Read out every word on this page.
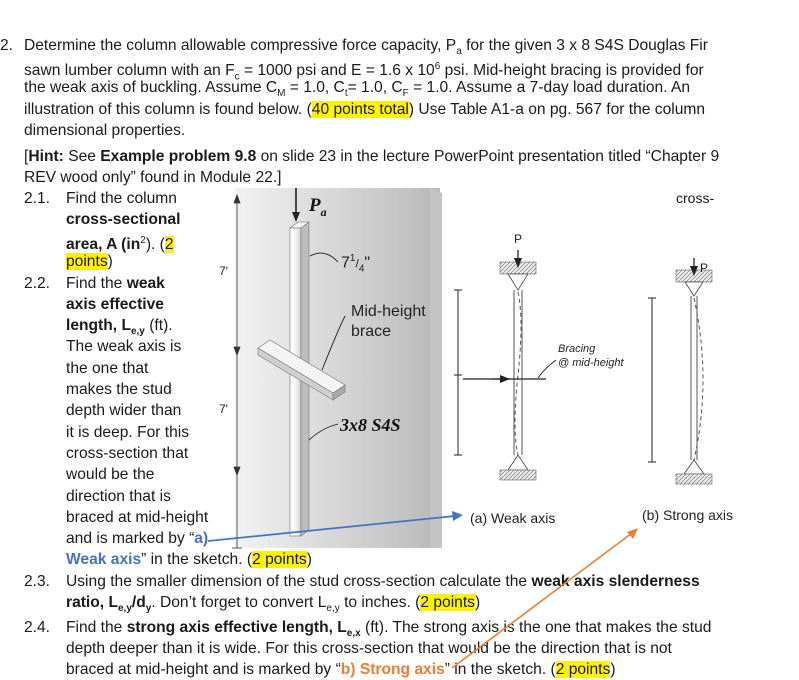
2. Determine the column allowable compressive force capacity, $P_a$ for the given 3 x 8 S4S Douglas Fir
sawn lumber column with an $F_c = 1000$ psi and E = 1.6 x $10^6$ psi. Mid-height bracing is provided for
the weak axis of buckling. Assume $C_M = 1.0$, $C_t= 1.0$, $C_F = 1.0$. Assume a 7-day load duration. An
illustration of this column is found below. (40 points total) Use Table A1-a on pg. 567 for the column
dimensional properties.
[Hint: See Example problem 9.8 on slide 23 in the lecture PowerPoint presentation titled “Chapter 9
REV wood only” found in Module 22.]
2.1. Find the column
cross-sectional
area, A $(in^2)$. (2
points)
cross-
2.2. Find the weak
axis effective
length, $L_{e,y}$ (ft).
The weak axis is
the one that
makes the stud
depth wider than
it is deep. For this
cross-section that
would be the
direction that is
braced at mid-height
and is marked by “a)
Weak axis” in the sketch. (2 points)
2.3. Using the smaller dimension of the stud cross-section calculate the weak axis slenderness
ratio, $L_{e,y}/d_y$. Don’t forget to convert $L_{e,y}$ to inches. (2 points)
2.4. Find the strong axis effective length, $L_{e,x}$ (ft). The strong axis is the one that makes the stud
depth deeper than it is wide. For this cross-section that would be the direction that is not
braced at mid-height and is marked by “b) Strong axis” in the sketch. (2 points)
$P_a$
7'
7'
$7^1/_4$"
Mid-height
brace
3x8 S4S
P
P
Bracing
@ mid-height
(a) Weak axis	(b) Strong axis
